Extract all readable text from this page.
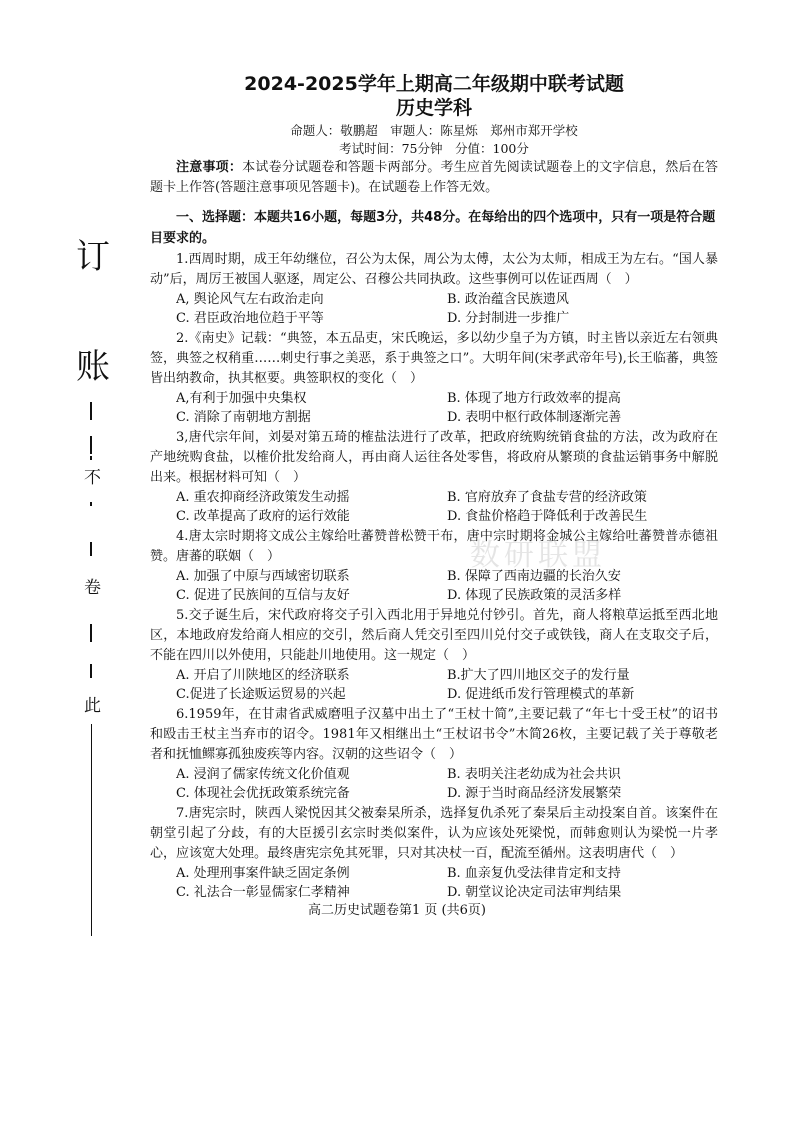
订
账
不
卷
此
数研联盟
2024-2025学年上期高二年级期中联考试题
历史学科
命题人：敬鹏超　审题人：陈星烁　郑州市郑开学校
考试时间：75分钟　分值：100分
注意事项：本试卷分试题卷和答题卡两部分。考生应首先阅读试题卷上的文字信息，然后在答题卡上作答(答题注意事项见答题卡)。在试题卷上作答无效。
一、选择题：本题共16小题，每题3分，共48分。在每给出的四个选项中，只有一项是符合题目要求的。
1.西周时期，成王年幼继位，召公为太保，周公为太傅，太公为太师，相成王为左右。“国人暴动”后，周厉王被国人驱逐，周定公、召穆公共同执政。这些事例可以佐证西周（　）
A, 舆论风气左右政治走向	B. 政治蕴含民族遗风
C. 君臣政治地位趋于平等	D. 分封制进一步推广
2.《南史》记载：“典签，本五品吏，宋氏晚运，多以幼少皇子为方镇，时主皆以亲近左右领典签，典签之权稍重……刺史行事之美恶，系于典签之口”。大明年间(宋孝武帝年号),长王临蕃，典签皆出纳教命，执其枢要。典签职权的变化（　）
A,有利于加强中央集权	B. 体现了地方行政效率的提高
C. 消除了南朝地方割据	D. 表明中枢行政体制逐渐完善
3,唐代宗年间，刘晏对第五琦的榷盐法进行了改革，把政府统购统销食盐的方法，改为政府在产地统购食盐，以榷价批发给商人，再由商人运往各处零售，将政府从繁琐的食盐运销事务中解脱出来。根据材料可知（　）
A. 重农抑商经济政策发生动摇	B. 官府放弃了食盐专营的经济政策
C. 改革提高了政府的运行效能	D. 食盐价格趋于降低利于改善民生
4.唐太宗时期将文成公主嫁给吐蕃赞普松赞干布，唐中宗时期将金城公主嫁给吐蕃赞普赤德祖赞。唐蕃的联姻（　）
A. 加强了中原与西域密切联系	B. 保障了西南边疆的长治久安
C. 促进了民族间的互信与友好	D. 体现了民族政策的灵活多样
5.交子诞生后，宋代政府将交子引入西北用于异地兑付钞引。首先，商人将粮草运抵至西北地区，本地政府发给商人相应的交引，然后商人凭交引至四川兑付交子或铁钱，商人在支取交子后，不能在四川以外使用，只能赴川地使用。这一规定（　）
A. 开启了川陕地区的经济联系	B.扩大了四川地区交子的发行量
C.促进了长途贩运贸易的兴起	D. 促进纸币发行管理模式的革新
6.1959年，在甘肃省武威磨咀子汉墓中出土了“王杖十简”,主要记载了“年七十受王杖”的诏书和殴击王杖主当弃市的诏令。1981年又相继出土“王杖诏书令”木简26枚，主要记载了关于尊敬老者和抚恤鳏寡孤独废疾等内容。汉朝的这些诏令（　）
A. 浸润了儒家传统文化价值观	B. 表明关注老幼成为社会共识
C. 体现社会优抚政策系统完备	D. 源于当时商品经济发展繁荣
7.唐宪宗时，陕西人梁悦因其父被秦杲所杀，选择复仇杀死了秦杲后主动投案自首。该案件在朝堂引起了分歧，有的大臣援引玄宗时类似案件，认为应该处死梁悦，而韩愈则认为梁悦一片孝心，应该宽大处理。最终唐宪宗免其死罪，只对其决杖一百，配流至循州。这表明唐代（　）
A. 处理刑事案件缺乏固定条例	B. 血亲复仇受法律肯定和支持
C. 礼法合一彰显儒家仁孝精神	D. 朝堂议论决定司法审判结果
高二历史试题卷第1 页 (共6页)
